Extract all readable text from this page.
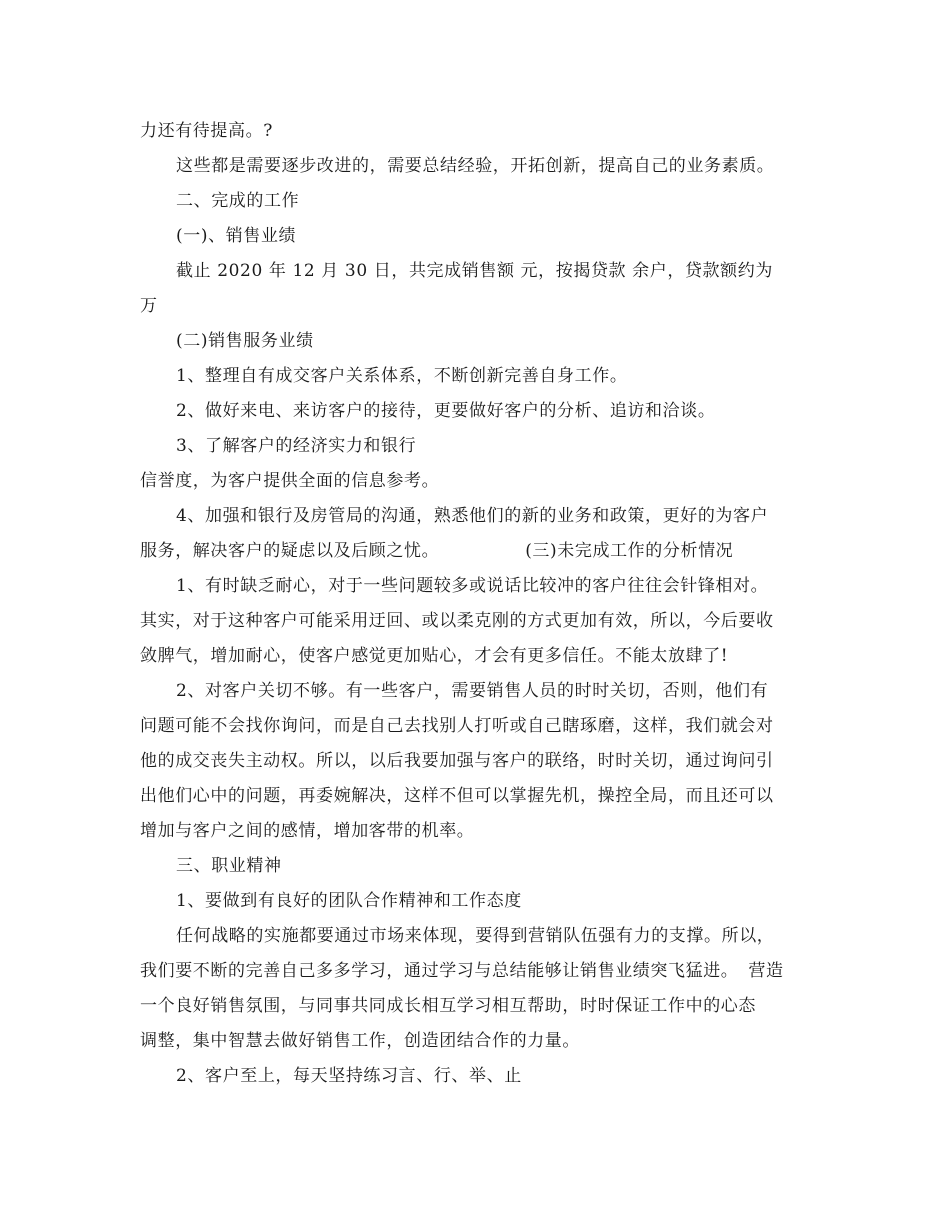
力还有待提高。?
这些都是需要逐步改进的，需要总结经验，开拓创新，提高自己的业务素质。
二、完成的工作
(一)、销售业绩
截止 2020 年 12 月 30 日，共完成销售额 元，按揭贷款 余户，贷款额约为
万
(二)销售服务业绩
1、整理自有成交客户关系体系，不断创新完善自身工作。
2、做好来电、来访客户的接待，更要做好客户的分析、追访和洽谈。
3、了解客户的经济实力和银行
信誉度，为客户提供全面的信息参考。
4、加强和银行及房管局的沟通，熟悉他们的新的业务和政策，更好的为客户
服务，解决客户的疑虑以及后顾之忧。	(三)未完成工作的分析情况
1、有时缺乏耐心，对于一些问题较多或说话比较冲的客户往往会针锋相对。
其实，对于这种客户可能采用迂回、或以柔克刚的方式更加有效，所以，今后要收
敛脾气，增加耐心，使客户感觉更加贴心，才会有更多信任。不能太放肆了!
2、对客户关切不够。有一些客户，需要销售人员的时时关切，否则，他们有
问题可能不会找你询问，而是自己去找别人打听或自己瞎琢磨，这样，我们就会对
他的成交丧失主动权。所以，以后我要加强与客户的联络，时时关切，通过询问引
出他们心中的问题，再委婉解决，这样不但可以掌握先机，操控全局，而且还可以
增加与客户之间的感情，增加客带的机率。
三、职业精神
1、要做到有良好的团队合作精神和工作态度
任何战略的实施都要通过市场来体现，要得到营销队伍强有力的支撑。所以，
我们要不断的完善自己多多学习，通过学习与总结能够让销售业绩突飞猛进。 营造
一个良好销售氛围，与同事共同成长相互学习相互帮助，时时保证工作中的心态
调整，集中智慧去做好销售工作，创造团结合作的力量。
2、客户至上，每天坚持练习言、行、举、止
